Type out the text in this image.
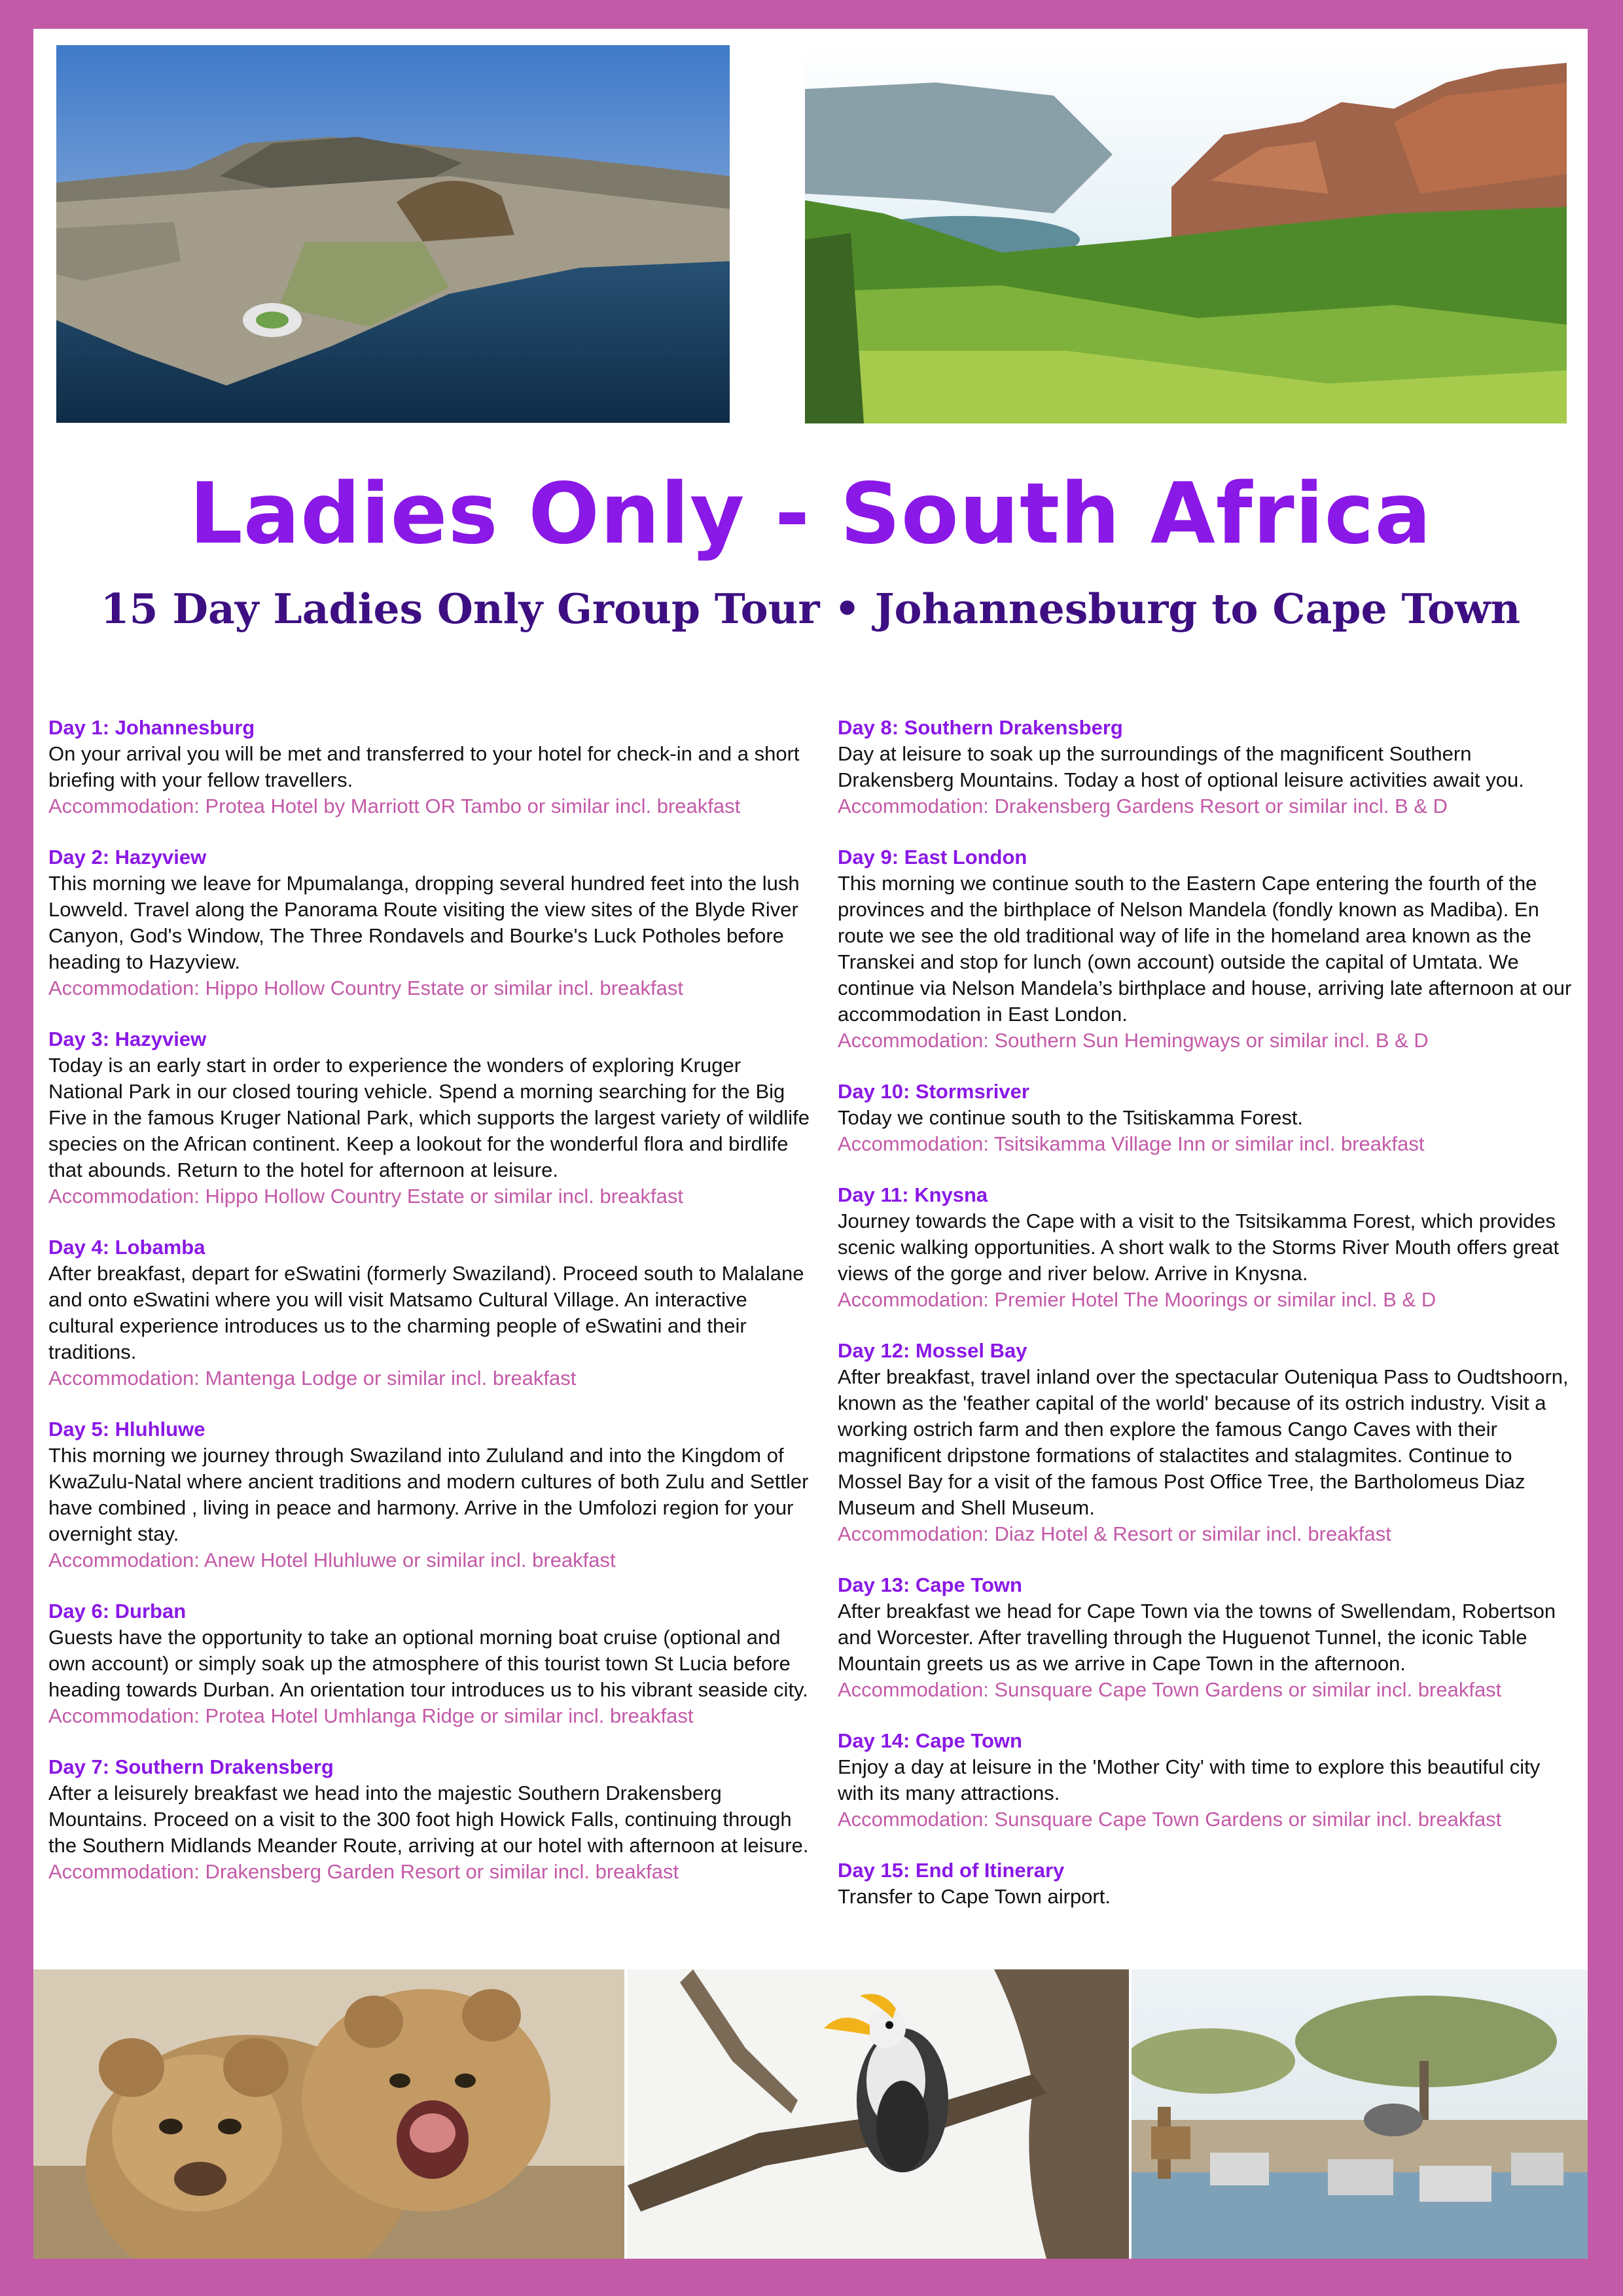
Ladies Only - South Africa
15 Day Ladies Only Group Tour • Johannesburg to Cape Town
Day 1: Johannesburg
On your arrival you will be met and transferred to your hotel for check-in and a short briefing with your fellow travellers.
Accommodation: Protea Hotel by Marriott OR Tambo or similar incl. breakfast
Day 2: Hazyview
This morning we leave for Mpumalanga, dropping several hundred feet into the lush Lowveld. Travel along the Panorama Route visiting the view sites of the Blyde River Canyon, God's Window, The Three Rondavels and Bourke's Luck Potholes before heading to Hazyview.
Accommodation: Hippo Hollow Country Estate or similar incl. breakfast
Day 3: Hazyview
Today is an early start in order to experience the wonders of exploring Kruger National Park in our closed touring vehicle. Spend a morning searching for the Big Five in the famous Kruger National Park, which supports the largest variety of wildlife species on the African continent. Keep a lookout for the wonderful flora and birdlife that abounds. Return to the hotel for afternoon at leisure.
Accommodation: Hippo Hollow Country Estate or similar incl. breakfast
Day 4: Lobamba
After breakfast, depart for eSwatini (formerly Swaziland). Proceed south to Malalane and onto eSwatini where you will visit Matsamo Cultural Village. An interactive cultural experience introduces us to the charming people of eSwatini and their traditions.
Accommodation: Mantenga Lodge or similar incl. breakfast
Day 5: Hluhluwe
This morning we journey through Swaziland into Zululand and into the Kingdom of KwaZulu-Natal where ancient traditions and modern cultures of both Zulu and Settler have combined , living in peace and harmony. Arrive in the Umfolozi region for your overnight stay.
Accommodation: Anew Hotel Hluhluwe or similar incl. breakfast
Day 6: Durban
Guests have the opportunity to take an optional morning boat cruise (optional and own account) or simply soak up the atmosphere of this tourist town St Lucia before heading towards Durban. An orientation tour introduces us to his vibrant seaside city.
Accommodation: Protea Hotel Umhlanga Ridge or similar incl. breakfast
Day 7: Southern Drakensberg
After a leisurely breakfast we head into the majestic Southern Drakensberg Mountains. Proceed on a visit to the 300 foot high Howick Falls, continuing through the Southern Midlands Meander Route, arriving at our hotel with afternoon at leisure.
Accommodation: Drakensberg Garden Resort or similar incl. breakfast
Day 8: Southern Drakensberg
Day at leisure to soak up the surroundings of the magnificent Southern Drakensberg Mountains. Today a host of optional leisure activities await you.
Accommodation: Drakensberg Gardens Resort or similar incl. B & D
Day 9: East London
This morning we continue south to the Eastern Cape entering the fourth of the provinces and the birthplace of Nelson Mandela (fondly known as Madiba). En route we see the old traditional way of life in the homeland area known as the Transkei and stop for lunch (own account) outside the capital of Umtata. We continue via Nelson Mandela’s birthplace and house, arriving late afternoon at our accommodation in East London.
Accommodation: Southern Sun Hemingways or similar incl. B & D
Day 10: Stormsriver
Today we continue south to the Tsitiskamma Forest.
Accommodation: Tsitsikamma Village Inn or similar incl. breakfast
Day 11: Knysna
Journey towards the Cape with a visit to the Tsitsikamma Forest, which provides scenic walking opportunities. A short walk to the Storms River Mouth offers great views of the gorge and river below. Arrive in Knysna.
Accommodation: Premier Hotel The Moorings or similar incl. B & D
Day 12: Mossel Bay
After breakfast, travel inland over the spectacular Outeniqua Pass to Oudtshoorn, known as the 'feather capital of the world' because of its ostrich industry. Visit a working ostrich farm and then explore the famous Cango Caves with their magnificent dripstone formations of stalactites and stalagmites. Continue to Mossel Bay for a visit of the famous Post Office Tree, the Bartholomeus Diaz Museum and Shell Museum.
Accommodation: Diaz Hotel & Resort or similar incl. breakfast
Day 13: Cape Town
After breakfast we head for Cape Town via the towns of Swellendam, Robertson and Worcester. After travelling through the Huguenot Tunnel, the iconic Table Mountain greets us as we arrive in Cape Town in the afternoon.
Accommodation: Sunsquare Cape Town Gardens or similar incl. breakfast
Day 14: Cape Town
Enjoy a day at leisure in the 'Mother City' with time to explore this beautiful city with its many attractions.
Accommodation: Sunsquare Cape Town Gardens or similar incl. breakfast
Day 15: End of Itinerary
Transfer to Cape Town airport.
